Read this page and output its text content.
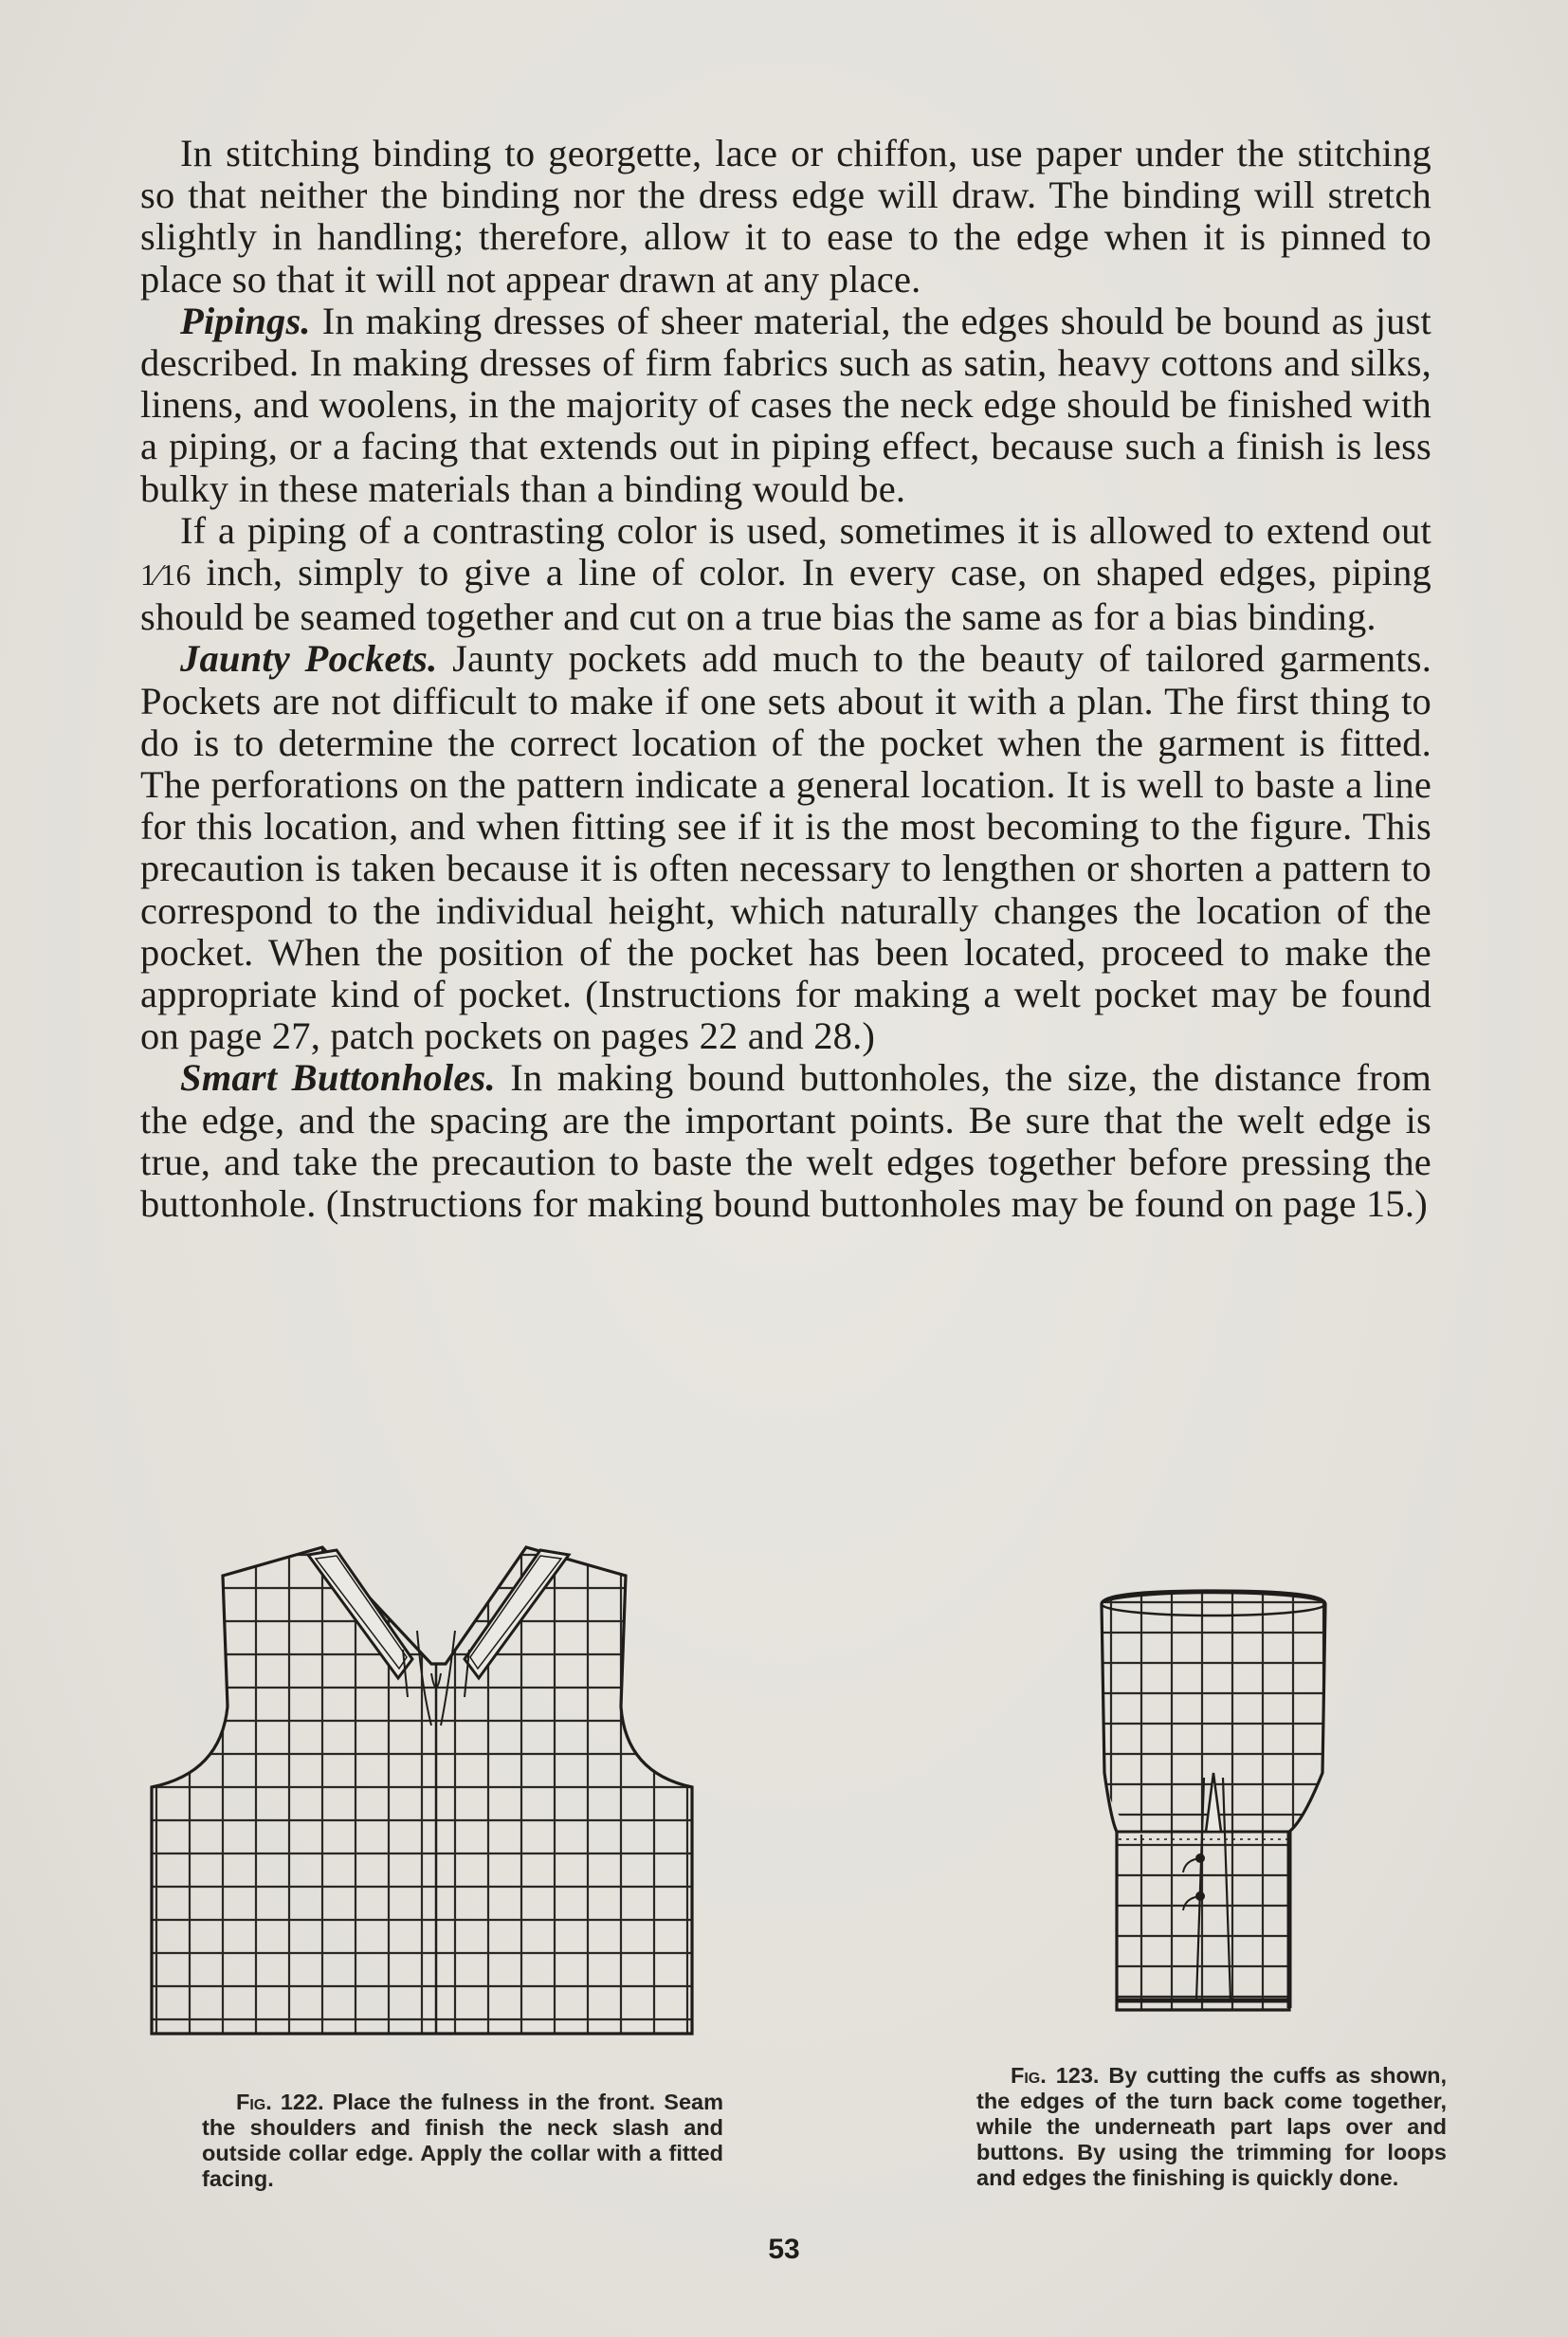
In stitching binding to georgette, lace or chiffon, use paper under the stitching so that neither the binding nor the dress edge will draw. The binding will stretch slightly in handling; therefore, allow it to ease to the edge when it is pinned to place so that it will not appear drawn at any place.

Pipings. In making dresses of sheer material, the edges should be bound as just described. In making dresses of firm fabrics such as satin, heavy cottons and silks, linens, and woolens, in the majority of cases the neck edge should be finished with a piping, or a facing that extends out in piping effect, because such a finish is less bulky in these materials than a binding would be.

If a piping of a contrasting color is used, sometimes it is allowed to extend out 1⁄16 inch, simply to give a line of color. In every case, on shaped edges, piping should be seamed together and cut on a true bias the same as for a bias binding.

Jaunty Pockets. Jaunty pockets add much to the beauty of tailored garments. Pockets are not difficult to make if one sets about it with a plan. The first thing to do is to determine the correct location of the pocket when the garment is fitted. The perforations on the pattern indicate a general location. It is well to baste a line for this location, and when fitting see if it is the most becoming to the figure. This precaution is taken because it is often necessary to lengthen or shorten a pattern to correspond to the individual height, which naturally changes the location of the pocket. When the position of the pocket has been located, proceed to make the appropriate kind of pocket. (Instructions for making a welt pocket may be found on page 27, patch pockets on pages 22 and 28.)

Smart Buttonholes. In making bound buttonholes, the size, the distance from the edge, and the spacing are the important points. Be sure that the welt edge is true, and take the precaution to baste the welt edges together before pressing the buttonhole. (Instructions for making bound buttonholes may be found on page 15.)

Fig. 122. Place the fulness in the front. Seam the shoulders and finish the neck slash and outside collar edge. Apply the collar with a fitted facing.
Fig. 123. By cutting the cuffs as shown, the edges of the turn back come together, while the underneath part laps over and buttons. By using the trimming for loops and edges the finishing is quickly done.
53
